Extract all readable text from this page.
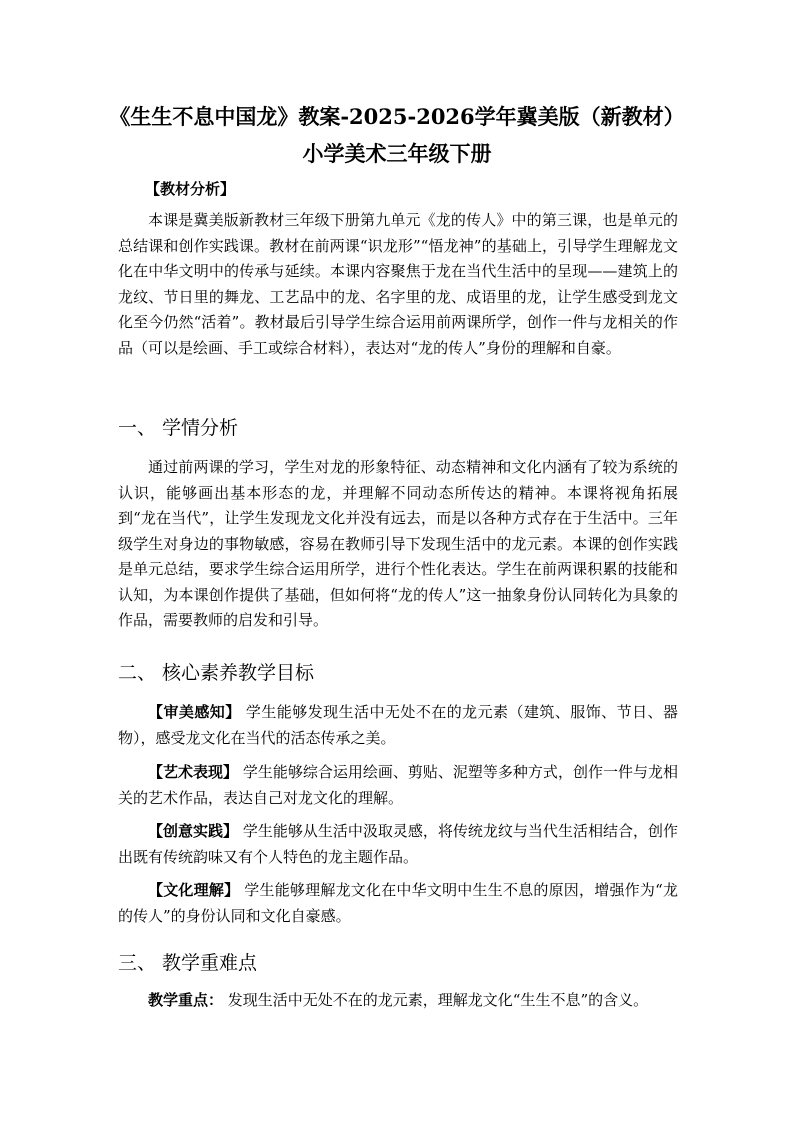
《生生不息中国龙》教案-2025-2026学年冀美版（新教材）
小学美术三年级下册
【教材分析】

本课是冀美版新教材三年级下册第九单元《龙的传人》中的第三课，也是单元的总结课和创作实践课。教材在前两课“识龙形”“悟龙神”的基础上，引导学生理解龙文化在中华文明中的传承与延续。本课内容聚焦于龙在当代生活中的呈现——建筑上的龙纹、节日里的舞龙、工艺品中的龙、名字里的龙、成语里的龙，让学生感受到龙文化至今仍然“活着”。教材最后引导学生综合运用前两课所学，创作一件与龙相关的作品（可以是绘画、手工或综合材料），表达对“龙的传人”身份的理解和自豪。

一、 学情分析

通过前两课的学习，学生对龙的形象特征、动态精神和文化内涵有了较为系统的认识，能够画出基本形态的龙，并理解不同动态所传达的精神。本课将视角拓展到“龙在当代”，让学生发现龙文化并没有远去，而是以各种方式存在于生活中。三年级学生对身边的事物敏感，容易在教师引导下发现生活中的龙元素。本课的创作实践是单元总结，要求学生综合运用所学，进行个性化表达。学生在前两课积累的技能和认知，为本课创作提供了基础，但如何将“龙的传人”这一抽象身份认同转化为具象的作品，需要教师的启发和引导。

二、 核心素养教学目标

【审美感知】 学生能够发现生活中无处不在的龙元素（建筑、服饰、节日、器物），感受龙文化在当代的活态传承之美。

【艺术表现】 学生能够综合运用绘画、剪贴、泥塑等多种方式，创作一件与龙相关的艺术作品，表达自己对龙文化的理解。

【创意实践】 学生能够从生活中汲取灵感，将传统龙纹与当代生活相结合，创作出既有传统韵味又有个人特色的龙主题作品。

【文化理解】 学生能够理解龙文化在中华文明中生生不息的原因，增强作为“龙的传人”的身份认同和文化自豪感。

三、 教学重难点
教学重点： 发现生活中无处不在的龙元素，理解龙文化“生生不息”的含义。
